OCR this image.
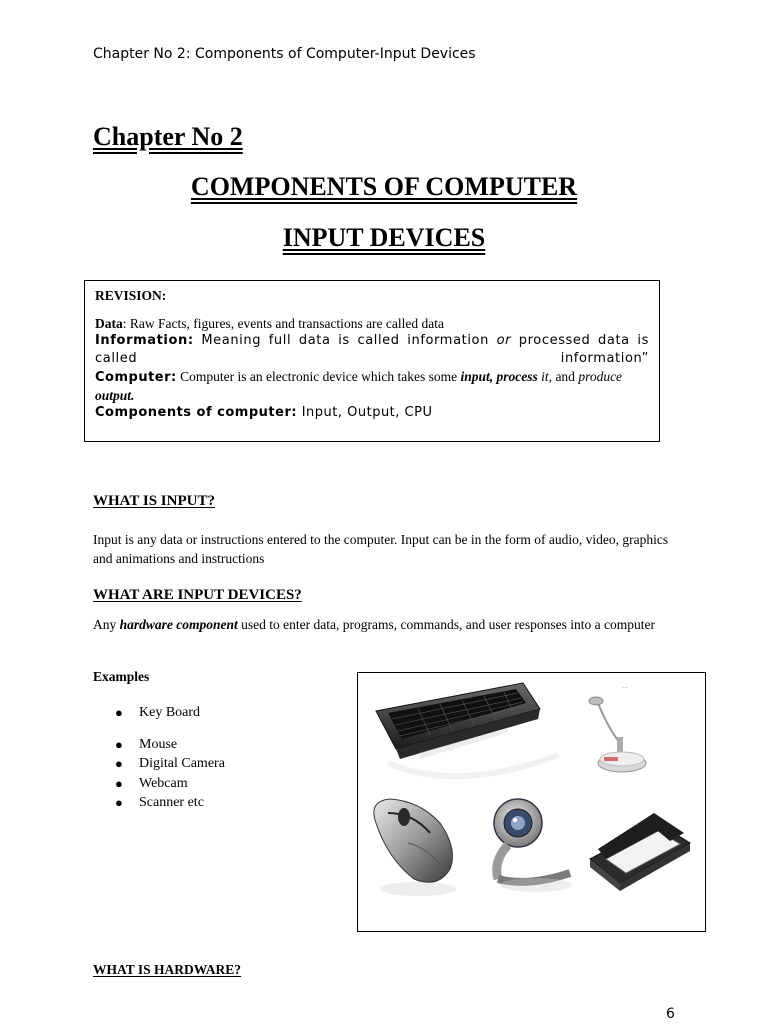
Chapter No 2: Components of Computer-Input Devices
Chapter No 2
COMPONENTS OF COMPUTER
INPUT DEVICES

REVISION:

Data: Raw Facts, figures, events and transactions are called data

Information: Meaning full data is called information or processed data is called information”

Computer: Computer is an electronic device which takes some input, process it, and produce output.

Components of computer: Input, Output, CPU

WHAT IS INPUT?
Input is any data or instructions entered to the computer. Input can be in the form of audio, video, graphics and animations and instructions
WHAT ARE INPUT DEVICES?
Any hardware component used to enter data, programs, commands, and user responses into a computer
Examples
● Key Board
● Mouse
● Digital Camera
● Webcam
● Scanner etc
·····
·····
WHAT IS HARDWARE?
6
